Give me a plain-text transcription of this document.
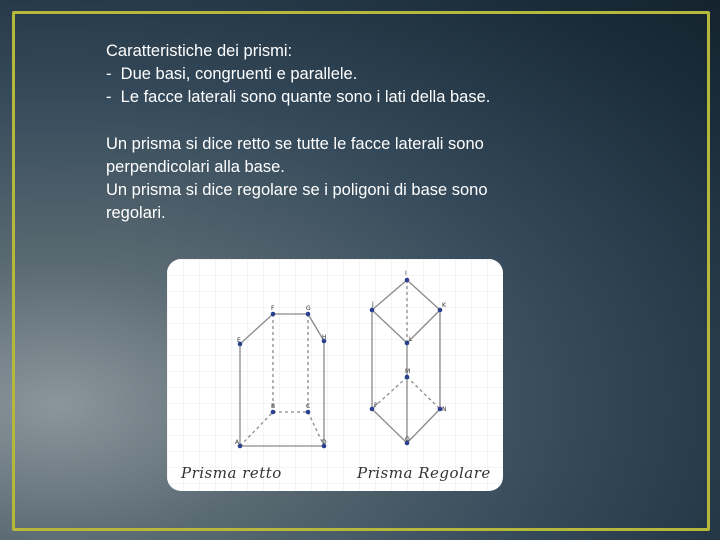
Caratteristiche dei prismi:
-  Due basi, congruenti e parallele.
-  Le facce laterali sono quante sono i lati della base.
Un prisma si dice retto se tutte le facce laterali sono
perpendicolari alla base.
Un prisma si dice regolare se i poligoni di base sono
regolari.
A
B	C
D
E
F	G
H
I
J	K
L
M
N
O
P
Prisma retto	Prisma Regolare
